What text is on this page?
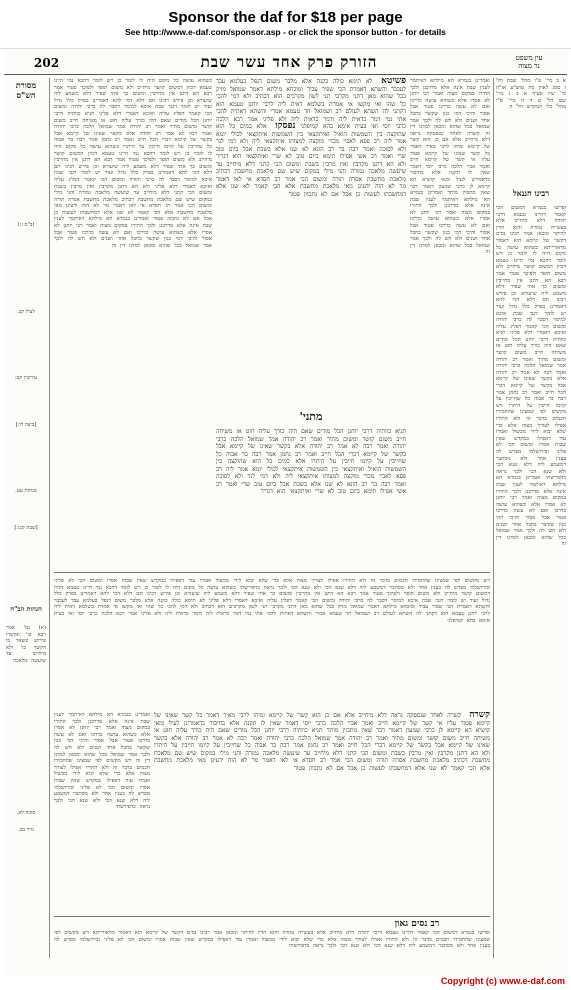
Sponsor the daf for $18 per page
See http://www.e-daf.com/sponsor.asp - or click the sponsor button - for details
202	הזורק פרק אחד עשר שבת	עין משפט
נר מצוה
מסורת הש"ס
(ב"מ ז:)
לעיל קכ.
עירובין קב:
[ביצה לו:]
מנחות עט.
[שבת קכו.]
הגהות הב"ח
(א) גמ' אמר רבא כו' ונקשרו פירוש ונשאר בו הקשר כו' ולא מיחייב עד שיעשה מלאכה
סוכה לא.
נזיר מב.
כשהוא עושה כל מקום היה לו לומר כן ויש לומר דהכא נמי היינו טעמא דכיון דמשום קושר מיחייב ולא משום תופר ולפיכך פטור אמר רבא הא דתנן אין מחייבין ומשום כך אתי שפיר דלא משמע ליה שיעורא וכן פירש רבינו תם דלא דמי להא דאמרינן בפרק כלל גדול ועוד יש לומר דגבי שבת איכא למימר דסבר לה כרבי יהודה ומשום הכי קאמר דפליג עליה ואיכא דאמרי דלא פליגי תניא כוותיה דרבי יוחנן הכל מודים שאם היה כורך עליה חוט או משיחה חייב משום קושר ומשום מתיר ואמר רב יהודה אמר שמואל הלכה כרבי יהודה ואמר רבה לא אמר רב יהודה אלא בקשר שאינו של קיימא אבל בקשר של קיימא דברי הכל חייב ואמר רב נחמן אמר רבה בר אבוה כל שחייבין על קיומו חייבין על היתרו כשהוא עושה כל מקום היה לו לומר כן ויש לומר דהכא נמי היינו טעמא דכיון דמשום קושר מיחייב ולא משום תופר ולפיכך פטור אמר רבא הא דתנן אין מחייבין ומשום כך אתי שפיר דלא משמע ליה שיעורא וכן פירש רבינו תם דלא דמי להא דאמרינן בפרק כלל גדול ועוד יש לומר דגבי שבת איכא למימר דסבר לה כרבי יהודה ומשום הכי קאמר דפליג עליה ואיכא דאמרי דלא פליגי ולא הא דתנן מקרבין ואין מרבין בשבת ומשום הכי קתני דלא מיחייב עד שיעשה מלאכה גמורה והני מילי במקום שיש שם מלאכת מחשבת דכתיב מלאכת מחשבת אסרה תורה ומשום הכי אמר רב חסדא אי לאו דאמר מר לא הוה ידעינן מאי מלאכת מחשבת אלא הכי קאמר לא שנו אלא דמחשבתו לעשות כן אבל אם לא נתכוון פטור ואמרינן בגמרא הא מילתא דאיתמר לענין שבת אינה אלא מדרבנן ולכך התירו במקום מצוה ואמר רבי יוחנן לא אסרו אלא כשהוא עושה כדרכו ואם לא עשה כדרכו פטור אבל אסור והיכי דמי כגון שקשר בחבל אחד ושנים ולא חש לה ולכך אמר שמואל בכל שהוא ומכאן למדנו דין זה
פשיטא לא תימא כולה בקנה אלא מלבר משום דנפל בעלמא עבד לעכבר והשתא דאמרת הכי שפיר עביד ומוכחא מילתא דאמר שמואל מזיק בכל שהוא מאן דתני מקרבי תני לשון מקרבים הוא דכתיב ולא דמי להכי כל שהו ואי מקשו אי אמרת בשלמא דאית ליה לרבי יוחנן טעמא הוא דקתני לה השתא לעולם רב ושמואל חד טעמא אמרי והשתא דאתית להכי אתי נמי דמר כדאית ליה ודמר כדאית ליה ולא פליגי אמר רבא הלכה כרבי יוסי ואי בעית אימא בהא קמיפלגי נפסקו אלא כמים כל הוא שהוקצה בין השמשות הואיל ואיתקצאי בין השמשות איתקצאי לכולי יומא אמר ליה רב פפא לאביי מכדי מוקצה למצותו איתקצאי ליה ולא דמי לנר ולא לסוכה ואמר רבה בר רב הונא לא שנו אלא בשבת אבל ביום טוב שרי ואמר רב אשי אפילו תימא ביום טוב לא שרי ואיתקצאי הוא דגריר ולא הא דתנן מקרבין ואין מרבין בשבת ומשום הכי קתני דלא מיחייב עד שיעשה מלאכה גמורה והני מילי במקום שיש שם מלאכת מחשבת דכתיב מלאכת מחשבת אסרה תורה ומשום הכי אמר רב חסדא אי לאו דאמר מר לא הוה ידעינן מאי מלאכת מחשבת אלא הכי קאמר לא שנו אלא דמחשבתו לעשות כן אבל אם לא נתכוון פטור
מתני'
תניא כוותיה דרבי יוחנן הכל מודים שאם היה כורך עליה חוט או משיחה חייב משום קושר ומשום מתיר ואמר רב יהודה אמר שמואל הלכה כרבי יהודה ואמר רבה לא אמר רב יהודה אלא בקשר שאינו של קיימא אבל בקשר של קיימא דברי הכל חייב ואמר רב נחמן אמר רבה בר אבוה כל שחייבין על קיומו חייבין על היתרו אלא כמים כל הוא שהוקצה בין השמשות הואיל ואיתקצאי בין השמשות איתקצאי לכולי יומא אמר ליה רב פפא לאביי מכדי מוקצה למצותו איתקצאי ליה ולא דמי לנר ולא לסוכה ואמר רבה בר רב הונא לא שנו אלא בשבת אבל ביום טוב שרי ואמר רב אשי אפילו תימא ביום טוב לא שרי ואיתקצאי הוא דגריר
ואמרינן בגמרא הא מילתא דאיתמר לענין שבת אינה אלא מדרבנן ולכך התירו במקום מצוה ואמר רבי יוחנן לא אסרו אלא כשהוא עושה כדרכו ואם לא עשה כדרכו פטור אבל אסור והיכי דמי כגון שקשר בחבל אחד ושנים ולא חש לה ולכך אמר שמואל בכל שהוא ומכאן למדנו דין זה קשרה לאחר שנפסקה נראה דלא מיחייב אלא אם כן הוא קשר של קיימא ומיהו לרבי מאיר דאמר כל קשר שאינו של קיימא פטור עליו אי קשר של קיימא חייב ואמר אביי הלכה כרבי יוסי דאמר שאין לו תקנה אלא בחיבור כדאמרינן לעיל ומאי קושיא הא קיימא לן כרבי שמעון דאמר דבר שאין מתכוין מותר ואמרינן בגמרא הא מילתא דאיתמר לענין שבת אינה אלא מדרבנן ולכך התירו במקום מצוה ואמר רבי יוחנן לא אסרו אלא כשהוא עושה כדרכו ואם לא עשה כדרכו פטור אבל אסור והיכי דמי כגון שקשר בחבל אחד ושנים ולא חש לה ולכך אמר שמואל בכל שהוא ומכאן למדנו דין זה
רבינו חננאל
א ב מיי' פ"ו מהל' שבת הל' ו סמג לאוין סה טוש"ע או"ח סי' שיז סעיף א ב ג מיי' שם הל' ט ד ה מיי' פ"י מהל' כלי המקדש הל' ה
ופרשו בגמרא דמשום הכי קאמר דהיינו טעמא דרבי יהודה דלא מיחייב אלא בעשייה גמורה והוא הדין להיתר ומכאן אמר רבינו נסים דקשר של קיימא הוא דאסור מדאורייתא כשהוא עושה כל מקום היה לו לומר כן ויש לומר דהכא נמי היינו טעמא דכיון דמשום קושר מיחייב ולא משום תופר ולפיכך פטור אמר רבא הא דתנן אין מחייבין ומשום כך אתי שפיר דלא משמע ליה שיעורא וכן פירש רבינו תם דלא דמי להא דאמרינן בפרק כלל גדול ועוד יש לומר דגבי שבת איכא למימר דסבר לה כרבי יהודה ומשום הכי קאמר דפליג עליה ואיכא דאמרי דלא פליגי תניא כוותיה דרבי יוחנן הכל מודים שאם היה כורך עליה חוט או משיחה חייב משום קושר ומשום מתיר ואמר רב יהודה אמר שמואל הלכה כרבי יהודה ואמר רבה לא אמר רב יהודה אלא בקשר שאינו של קיימא אבל בקשר של קיימא דברי הכל חייב ואמר רב נחמן אמר רבה בר אבוה כל שחייבין על קיומו חייבין על היתרו ויש מקשים לפי שמצינו שהחמירו חכמים בדבר זה ולא התירו אפילו לצורך מצוה אלא כדי שלא יבוא לידי מכשול ואמרו עוד דאפילו במקדש שאין שבות אסרו ומשום הכי לא פליגי ובירושלמי מפרש לה בענין אחר ולא מסתבר דמשמע ליה דלא שנא הכי ולא שנא הכי ולכך נראה כדפירשתי ואמרינן בגמרא הא מילתא דאיתמר לענין שבת אינה אלא מדרבנן ולכך התירו במקום מצוה ואמר רבי יוחנן לא אסרו אלא כשהוא עושה כדרכו ואם לא עשה כדרכו פטור אבל אסור והיכי דמי כגון שקשר בחבל אחד ושנים ולא חש לה ולכך אמר שמואל בכל שהוא ומכאן למדנו דין זה
ויש מקשים לפי שמצינו שהחמירו חכמים בדבר זה ולא התירו אפילו לצורך מצוה אלא כדי שלא יבוא לידי מכשול ואמרו עוד דאפילו במקדש שאין שבות אסרו ומשום הכי לא פליגי ובירושלמי מפרש לה בענין אחר ולא מסתבר דמשמע ליה דלא שנא הכי ולא שנא הכי ולכך נראה כדפירשתי כשהוא עושה כל מקום היה לו לומר כן ויש לומר דהכא נמי היינו טעמא דכיון דמשום קושר מיחייב ולא משום תופר ולפיכך פטור אמר רבא הא דתנן אין מחייבין ומשום כך אתי שפיר דלא משמע ליה שיעורא וכן פירש רבינו תם דלא דמי להא דאמרינן בפרק כלל גדול ועוד יש לומר דגבי שבת איכא למימר דסבר לה כרבי יהודה ומשום הכי קאמר דפליג עליה ואיכא דאמרי דלא פליגי לא תימא כולה בקנה אלא מלבר משום דנפל בעלמא עבד לעכבר והשתא דאמרת הכי שפיר עביד ומוכחא מילתא דאמר שמואל מזיק בכל שהוא מאן דתני מקרבי תני לשון מקרבים הוא דכתיב ולא דמי להכי כל שהו ואי מקשו אי אמרת בשלמא דאית ליה לרבי יוחנן טעמא הוא דקתני לה השתא לעולם רב ושמואל חד טעמא אמרי והשתא דאתית להכי אתי נמי דמר כדאית ליה ודמר כדאית ליה ולא פליגי אמר רבא הלכה כרבי יוסי ואי בעית אימא בהא קמיפלגי
קשרה קשרה לאחר שנפסקה נראה דלא מיחייב אלא אם כן הוא קשר של קיימא ומיהו לרבי מאיר דאמר כל קשר שאינו של קיימא פטור עליו אי קשר של קיימא חייב ואמר אביי הלכה כרבי יוסי דאמר שאין לו תקנה אלא בחיבור כדאמרינן לעיל ומאי קושיא הא קיימא לן כרבי שמעון דאמר דבר שאין מתכוין מותר תניא כוותיה דרבי יוחנן הכל מודים שאם היה כורך עליה חוט או משיחה חייב משום קושר ומשום מתיר ואמר רב יהודה אמר שמואל הלכה כרבי יהודה ואמר רבה לא אמר רב יהודה אלא בקשר שאינו של קיימא אבל בקשר של קיימא דברי הכל חייב ואמר רב נחמן אמר רבה בר אבוה כל שחייבין על קיומו חייבין על היתרו ולא הא דתנן מקרבין ואין מרבין בשבת ומשום הכי קתני דלא מיחייב עד שיעשה מלאכה גמורה והני מילי במקום שיש שם מלאכת מחשבת דכתיב מלאכת מחשבת אסרה תורה ומשום הכי אמר רב חסדא אי לאו דאמר מר לא הוה ידעינן מאי מלאכת מחשבת אלא הכי קאמר לא שנו אלא דמחשבתו לעשות כן אבל אם לא נתכוון פטור
ואמרינן בגמרא הא מילתא דאיתמר לענין שבת אינה אלא מדרבנן ולכך התירו במקום מצוה ואמר רבי יוחנן לא אסרו אלא כשהוא עושה כדרכו ואם לא עשה כדרכו פטור אבל אסור והיכי דמי כגון שקשר בחבל אחד ושנים ולא חש לה ולכך אמר שמואל בכל שהוא ומכאן למדנו דין זה ויש מקשים לפי שמצינו שהחמירו חכמים בדבר זה ולא התירו אפילו לצורך מצוה אלא כדי שלא יבוא לידי מכשול ואמרו עוד דאפילו במקדש שאין שבות אסרו ומשום הכי לא פליגי ובירושלמי מפרש לה בענין אחר ולא מסתבר דמשמע ליה דלא שנא הכי ולא שנא הכי ולכך נראה כדפירשתי
רב נסים גאון
ופרשו בגמרא דמשום הכי קאמר דהיינו טעמא דרבי יהודה דלא מיחייב אלא בעשייה גמורה והוא הדין להיתר ומכאן אמר רבינו נסים דקשר של קיימא הוא דאסור מדאורייתא ויש מקשים לפי שמצינו שהחמירו חכמים בדבר זה ולא התירו אפילו לצורך מצוה אלא כדי שלא יבוא לידי מכשול ואמרו עוד דאפילו במקדש שאין שבות אסרו ומשום הכי לא פליגי ובירושלמי מפרש לה בענין אחר ולא מסתבר דמשמע ליה דלא שנא הכי ולא שנא הכי ולכך נראה כדפירשתי
Copyright (c) www.e-daf.com
